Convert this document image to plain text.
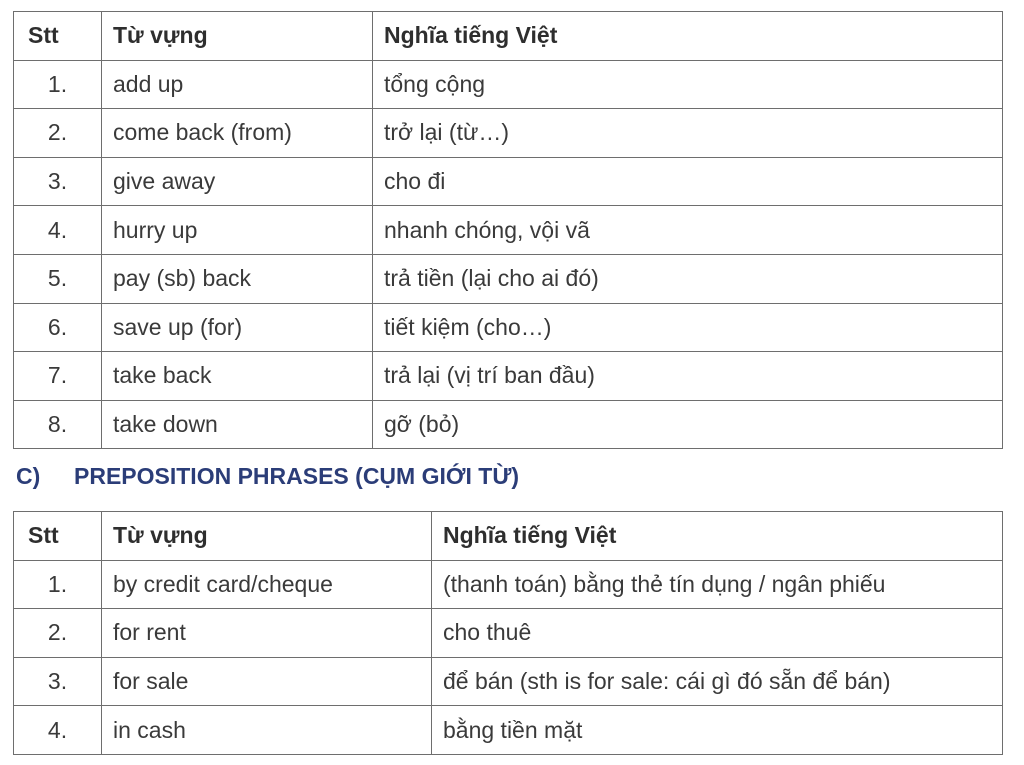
Stt	Từ vựng	Nghĩa tiếng Việt
1.	add up	tổng cộng
2.	come back (from)	trở lại (từ…)
3.	give away	cho đi
4.	hurry up	nhanh chóng, vội vã
5.	pay (sb) back	trả tiền (lại cho ai đó)
6.	save up (for)	tiết kiệm (cho…)
7.	take back	trả lại (vị trí ban đầu)
8.	take down	gỡ (bỏ)
C) PREPOSITION PHRASES (CỤM GIỚI TỪ)
Stt	Từ vựng	Nghĩa tiếng Việt
1.	by credit card/cheque	(thanh toán) bằng thẻ tín dụng / ngân phiếu
2.	for rent	cho thuê
3.	for sale	để bán (sth is for sale: cái gì đó sẵn để bán)
4.	in cash	bằng tiền mặt
